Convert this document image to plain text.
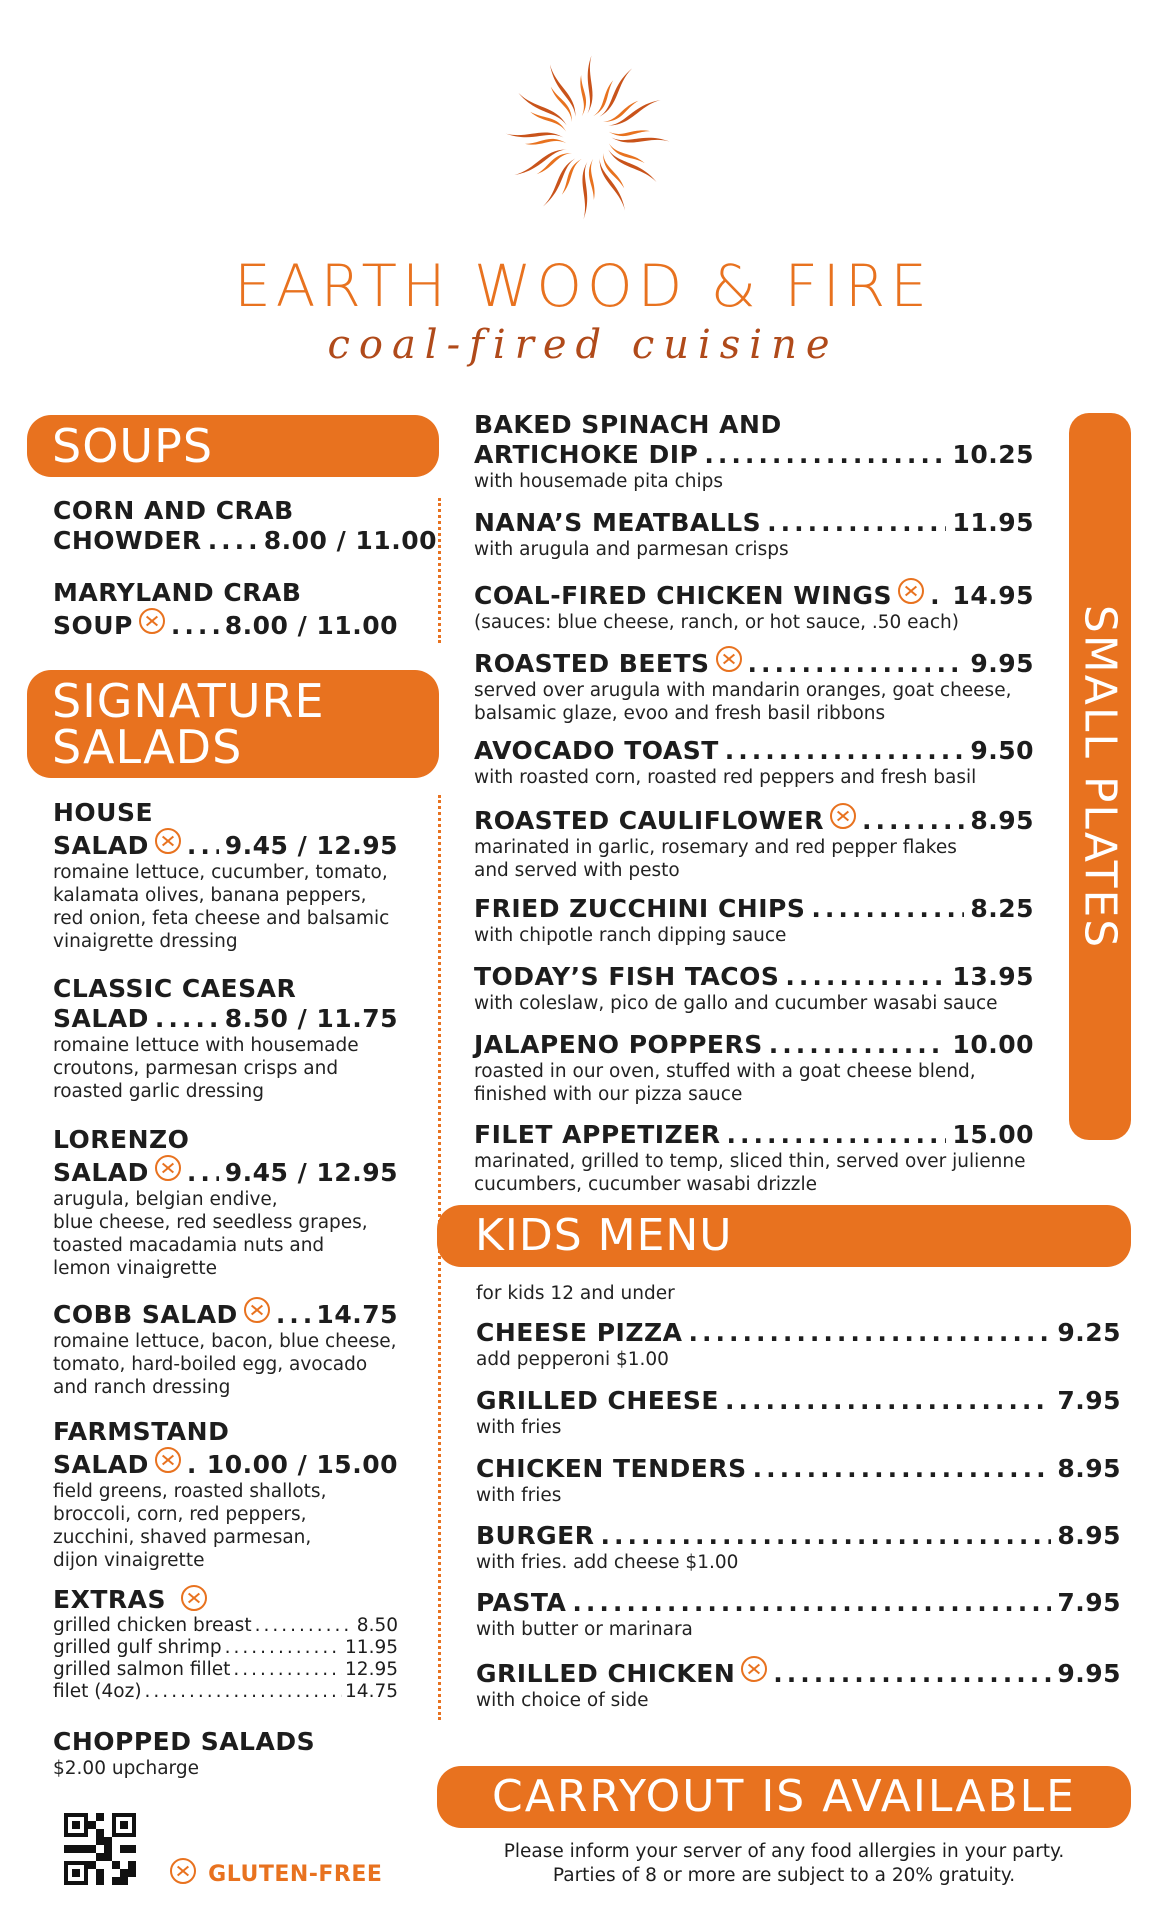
EARTH WOOD & FIRE
coal-fired cuisine
SOUPS
CORN AND CRAB
CHOWDER ..... 8.00 / 11.00
MARYLAND CRAB
SOUP .....	8.00 / 11.00
SIGNATURE
SALADS
HOUSE
SALAD .....	9.45 / 12.95
romaine lettuce, cucumber, tomato,
kalamata olives, banana peppers,
red onion, feta cheese and balsamic
vinaigrette dressing
CLASSIC CAESAR
SALAD .....	8.50 / 11.75
romaine lettuce with housemade
croutons, parmesan crisps and
roasted garlic dressing
LORENZO
SALAD .....	9.45 / 12.95
arugula, belgian endive,
blue cheese, red seedless grapes,
toasted macadamia nuts and
lemon vinaigrette
COBB SALAD .....	14.75
romaine lettuce, bacon, blue cheese,
tomato, hard-boiled egg, avocado
and ranch dressing
FARMSTAND
SALAD ..... 10.00 / 15.00
field greens, roasted shallots,
broccoli, corn, red peppers,
zucchini, shaved parmesan,
dijon vinaigrette
EXTRAS
grilled chicken breast .....	8.50
grilled gulf shrimp .....	11.95
grilled salmon fillet .....	12.95
filet (4oz) .....	14.75
CHOPPED SALADS
$2.00 upcharge
GLUTEN-FREE
SMALL PLATES
BAKED SPINACH AND
ARTICHOKE DIP .....	10.25
with housemade pita chips
NANA’S MEATBALLS .....	11.95
with arugula and parmesan crisps
COAL-FIRED CHICKEN WINGS ..... 14.95
(sauces: blue cheese, ranch, or hot sauce, .50 each)
ROASTED BEETS .....	9.95
served over arugula with mandarin oranges, goat cheese,
balsamic glaze, evoo and fresh basil ribbons
AVOCADO TOAST .....	9.50
with roasted corn, roasted red peppers and fresh basil
ROASTED CAULIFLOWER .....	8.95
marinated in garlic, rosemary and red pepper flakes
and served with pesto
FRIED ZUCCHINI CHIPS .....	8.25
with chipotle ranch dipping sauce
TODAY’S FISH TACOS .....	13.95
with coleslaw, pico de gallo and cucumber wasabi sauce
JALAPENO POPPERS .....	10.00
roasted in our oven, stuffed with a goat cheese blend,
finished with our pizza sauce
FILET APPETIZER .....	15.00
marinated, grilled to temp, sliced thin, served over julienne
cucumbers, cucumber wasabi drizzle
KIDS MENU
for kids 12 and under
CHEESE PIZZA .....	9.25
add pepperoni $1.00
GRILLED CHEESE .....	7.95
with fries
CHICKEN TENDERS .....	8.95
with fries
BURGER .....	8.95
with fries. add cheese $1.00
PASTA .....	7.95
with butter or marinara
GRILLED CHICKEN .....	9.95
with choice of side
CARRYOUT IS AVAILABLE
Please inform your server of any food allergies in your party.
Parties of 8 or more are subject to a 20% gratuity.
